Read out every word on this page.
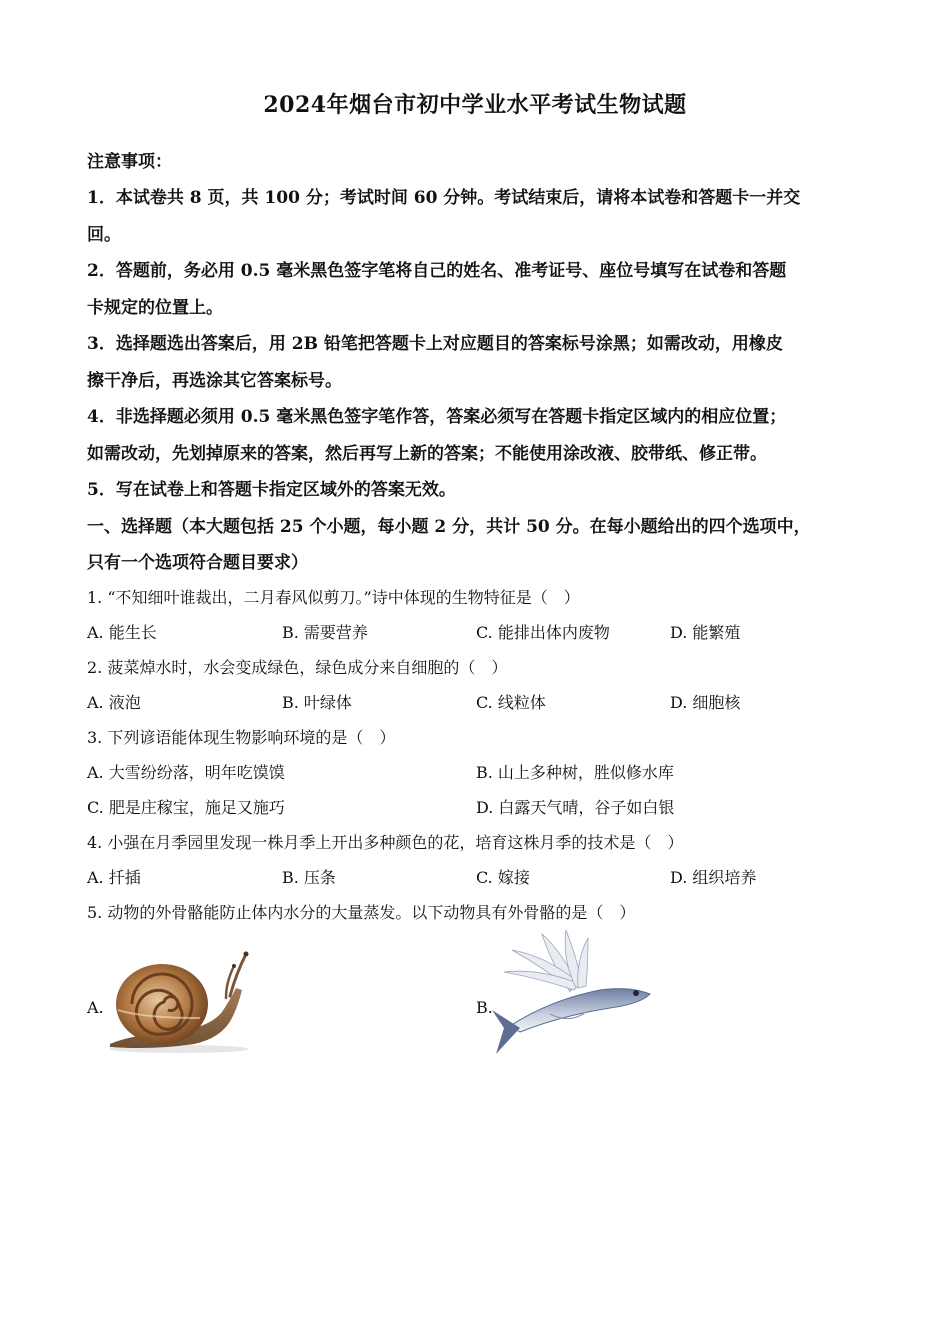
2024年烟台市初中学业水平考试生物试题
注意事项：
1．本试卷共 8 页，共 100 分；考试时间 60 分钟。考试结束后，请将本试卷和答题卡一并交
回。
2．答题前，务必用 0.5 毫米黑色签字笔将自己的姓名、准考证号、座位号填写在试卷和答题
卡规定的位置上。
3．选择题选出答案后，用 2B 铅笔把答题卡上对应题目的答案标号涂黑；如需改动，用橡皮
擦干净后，再选涂其它答案标号。
4．非选择题必须用 0.5 毫米黑色签字笔作答，答案必须写在答题卡指定区域内的相应位置；
如需改动，先划掉原来的答案，然后再写上新的答案；不能使用涂改液、胶带纸、修正带。
5．写在试卷上和答题卡指定区域外的答案无效。
一、选择题（本大题包括 25 个小题，每小题 2 分，共计 50 分。在每小题给出的四个选项中，
只有一个选项符合题目要求）
1. “不知细叶谁裁出，二月春风似剪刀。”诗中体现的生物特征是（　）
A. 能生长	B. 需要营养	C. 能排出体内废物	D. 能繁殖
2. 菠菜焯水时，水会变成绿色，绿色成分来自细胞的（　）
A. 液泡	B. 叶绿体	C. 线粒体	D. 细胞核
3. 下列谚语能体现生物影响环境的是（　）
A. 大雪纷纷落，明年吃馍馍	B. 山上多种树，胜似修水库
C. 肥是庄稼宝，施足又施巧	D. 白露天气晴，谷子如白银
4. 小强在月季园里发现一株月季上开出多种颜色的花，培育这株月季的技术是（　）
A. 扦插	B. 压条	C. 嫁接	D. 组织培养
5. 动物的外骨骼能防止体内水分的大量蒸发。以下动物具有外骨骼的是（　）
A.	B.
